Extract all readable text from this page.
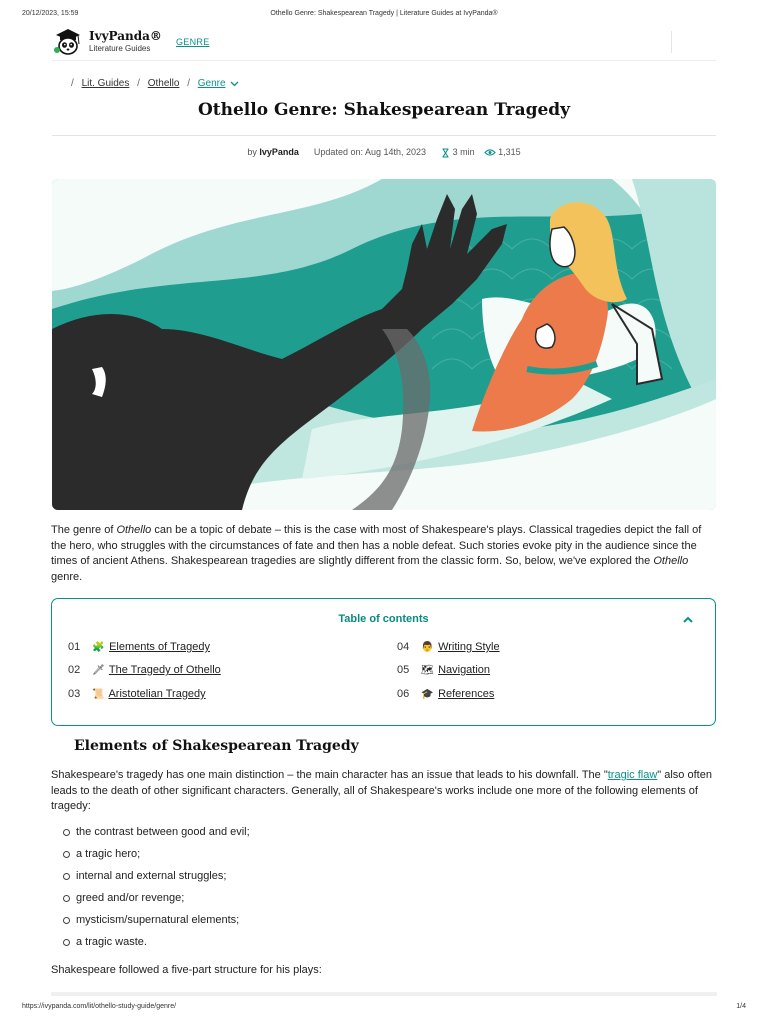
20/12/2023, 15:59	Othello Genre: Shakespearean Tragedy | Literature Guides at IvyPanda®
IvyPanda®
Literature Guides
GENRE
/ Lit. Guides / Othello / Genre
Othello Genre: Shakespearean Tragedy
by IvyPanda Updated on: Aug 14th, 2023	3 min	1,315

The genre of Othello can be a topic of debate – this is the case with most of Shakespeare's plays. Classical tragedies depict the fall of the hero, who struggles with the circumstances of fate and then has a noble defeat. Such stories evoke pity in the audience since the times of ancient Athens. Shakespearean tragedies are slightly different from the classic form. So, below, we've explored the Othello genre.

Table of contents
01 🧩 Elements of Tragedy
02 🗡 The Tragedy of Othello
03 📜 Aristotelian Tragedy
04 👨 Writing Style
05 🗺 Navigation
06 🎓 References
Elements of Shakespearean Tragedy

Shakespeare's tragedy has one main distinction – the main character has an issue that leads to his downfall. The "tragic flaw" also often leads to the death of other significant characters. Generally, all of Shakespeare's works include one more of the following elements of tragedy:

the contrast between good and evil;
a tragic hero;
internal and external struggles;
greed and/or revenge;
mysticism/supernatural elements;
a tragic waste.

Shakespeare followed a five-part structure for his plays:

https://ivypanda.com/lit/othello-study-guide/genre/	1/4
